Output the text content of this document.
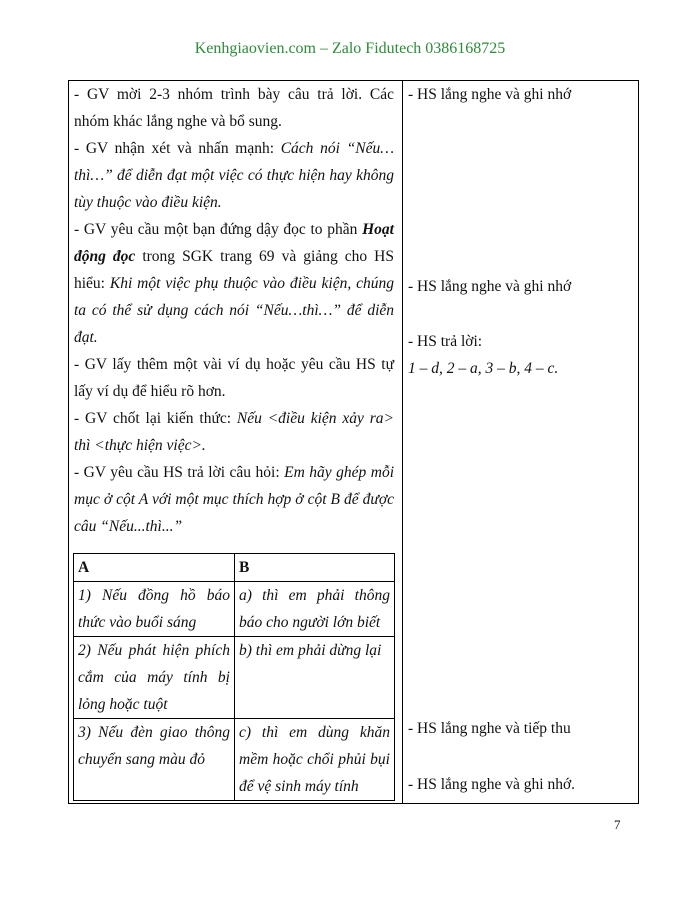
Kenhgiaovien.com – Zalo Fidutech 0386168725

- GV mời 2-3 nhóm trình bày câu trả lời. Các nhóm khác lắng nghe và bổ sung.

- GV nhận xét và nhấn mạnh: Cách nói “Nếu…thì…” để diễn đạt một việc có thực hiện hay không tùy thuộc vào điều kiện.

- GV yêu cầu một bạn đứng dậy đọc to phần Hoạt động đọc trong SGK trang 69 và giảng cho HS hiểu: Khi một việc phụ thuộc vào điều kiện, chúng ta có thể sử dụng cách nói “Nếu…thì…” để diễn đạt.

- GV lấy thêm một vài ví dụ hoặc yêu cầu HS tự lấy ví dụ để hiểu rõ hơn.

- GV chốt lại kiến thức: Nếu <điều kiện xảy ra> thì <thực hiện việc>.

- GV yêu cầu HS trả lời câu hỏi: Em hãy ghép mỗi mục ở cột A với một mục thích hợp ở cột B để được câu “Nếu...thì...”

A	B
1) Nếu đồng hồ báo thức vào buổi sáng	a) thì em phải thông báo cho người lớn biết
2) Nếu phát hiện phích cắm của máy tính bị lỏng hoặc tuột	b) thì em phải dừng lại
3) Nếu đèn giao thông chuyển sang màu đỏ	c) thì em dùng khăn mềm hoặc chổi phủi bụi để vệ sinh máy tính
- HS lắng nghe và ghi nhớ
- HS lắng nghe và ghi nhớ
- HS trả lời:
1 – d, 2 – a, 3 – b, 4 – c.
- HS lắng nghe và tiếp thu
- HS lắng nghe và ghi nhớ.
7
